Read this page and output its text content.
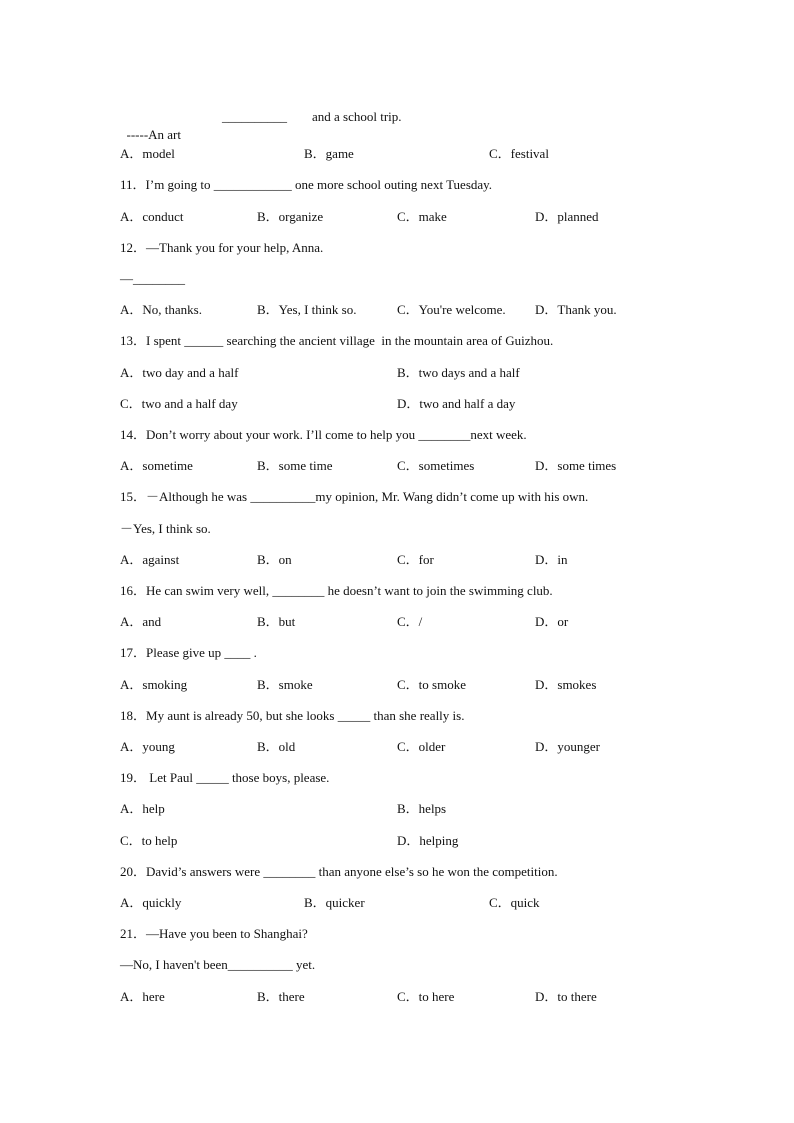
-----An art

__________ and a school trip.
A．model	B．game	C．festival
11．I’m going to ____________ one more school outing next Tuesday.
A．conduct	B．organize	C．make	D．planned
12．—Thank you for your help, Anna.
—________
A．No, thanks.	B．Yes, I think so.	C．You're welcome. D．Thank you.
13．I spent ______ searching the ancient village  in the mountain area of Guizhou.
A．two day and a half	B．two days and a half
C．two and a half day	D．two and half a day
14．Don’t worry about your work. I’ll come to help you ________next week.
A．sometime	B．some time	C．sometimes	D．some times
15．－Although he was __________my opinion, Mr. Wang didn’t come up with his own.
－Yes, I think so.
A．against	B．on	C．for	D．in
16．He can swim very well, ________ he doesn’t want to join the swimming club.
A．and	B．but	C．/	D．or
17．Please give up ____ .
A．smoking	B．smoke	C．to smoke	D．smokes
18．My aunt is already 50, but she looks _____ than she really is.
A．young	B．old	C．older	D．younger
19． Let Paul _____ those boys, please.
A．help	B．helps
C．to help	D．helping
20．David’s answers were ________ than anyone else’s so he won the competition.
A．quickly	B．quicker	C．quick
21．—Have you been to Shanghai?
—No, I haven't been__________ yet.
A．here	B．there	C．to here	D．to there
